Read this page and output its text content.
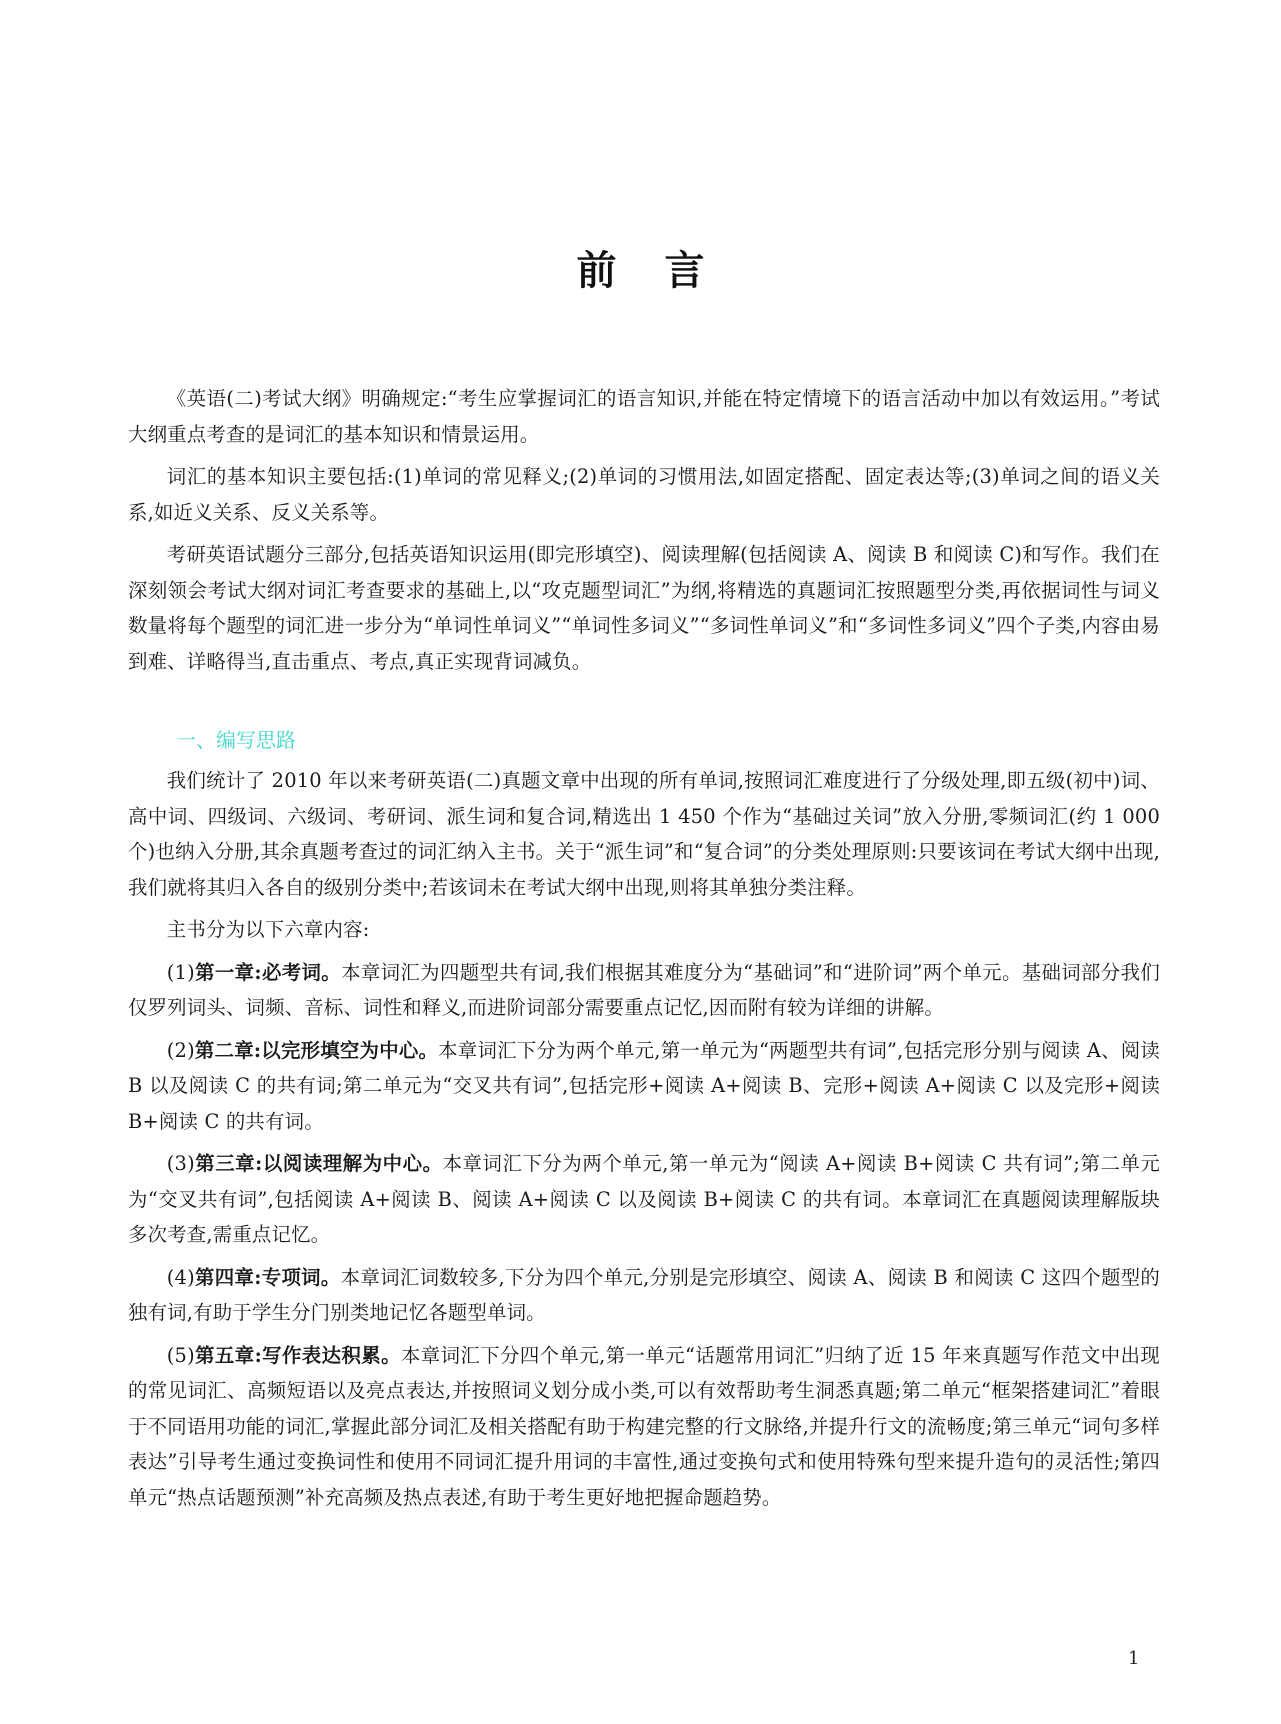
前言

《英语(二)考试大纲》明确规定:“考生应掌握词汇的语言知识,并能在特定情境下的语言活动中加以有效运用。”考试大纲重点考查的是词汇的基本知识和情景运用。

词汇的基本知识主要包括:(1)单词的常见释义;(2)单词的习惯用法,如固定搭配、固定表达等;(3)单词之间的语义关系,如近义关系、反义关系等。

考研英语试题分三部分,包括英语知识运用(即完形填空)、阅读理解(包括阅读 A、阅读 B 和阅读 C)和写作。我们在深刻领会考试大纲对词汇考查要求的基础上,以“攻克题型词汇”为纲,将精选的真题词汇按照题型分类,再依据词性与词义数量将每个题型的词汇进一步分为“单词性单词义”“单词性多词义”“多词性单词义”和“多词性多词义”四个子类,内容由易到难、详略得当,直击重点、考点,真正实现背词减负。

一、编写思路

我们统计了 2010 年以来考研英语(二)真题文章中出现的所有单词,按照词汇难度进行了分级处理,即五级(初中)词、高中词、四级词、六级词、考研词、派生词和复合词,精选出 1 450 个作为“基础过关词”放入分册,零频词汇(约 1 000 个)也纳入分册,其余真题考查过的词汇纳入主书。关于“派生词”和“复合词”的分类处理原则:只要该词在考试大纲中出现,我们就将其归入各自的级别分类中;若该词未在考试大纲中出现,则将其单独分类注释。

主书分为以下六章内容:

(1)第一章:必考词。本章词汇为四题型共有词,我们根据其难度分为“基础词”和“进阶词”两个单元。基础词部分我们仅罗列词头、词频、音标、词性和释义,而进阶词部分需要重点记忆,因而附有较为详细的讲解。

(2)第二章:以完形填空为中心。本章词汇下分为两个单元,第一单元为“两题型共有词”,包括完形分别与阅读 A、阅读 B 以及阅读 C 的共有词;第二单元为“交叉共有词”,包括完形+阅读 A+阅读 B、完形+阅读 A+阅读 C 以及完形+阅读 B+阅读 C 的共有词。

(3)第三章:以阅读理解为中心。本章词汇下分为两个单元,第一单元为“阅读 A+阅读 B+阅读 C 共有词”;第二单元为“交叉共有词”,包括阅读 A+阅读 B、阅读 A+阅读 C 以及阅读 B+阅读 C 的共有词。本章词汇在真题阅读理解版块多次考查,需重点记忆。

(4)第四章:专项词。本章词汇词数较多,下分为四个单元,分别是完形填空、阅读 A、阅读 B 和阅读 C 这四个题型的独有词,有助于学生分门别类地记忆各题型单词。

(5)第五章:写作表达积累。本章词汇下分四个单元,第一单元“话题常用词汇”归纳了近 15 年来真题写作范文中出现的常见词汇、高频短语以及亮点表达,并按照词义划分成小类,可以有效帮助考生洞悉真题;第二单元“框架搭建词汇”着眼于不同语用功能的词汇,掌握此部分词汇及相关搭配有助于构建完整的行文脉络,并提升行文的流畅度;第三单元“词句多样表达”引导考生通过变换词性和使用不同词汇提升用词的丰富性,通过变换句式和使用特殊句型来提升造句的灵活性;第四单元“热点话题预测”补充高频及热点表述,有助于考生更好地把握命题趋势。

1
